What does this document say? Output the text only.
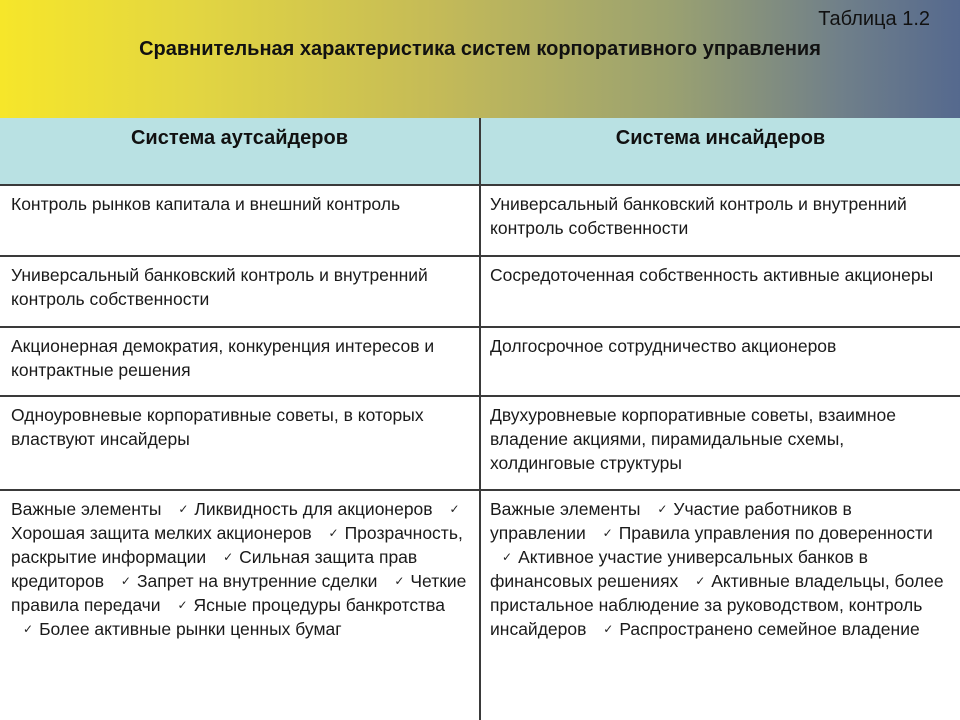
Таблица 1.2
Сравнительная характеристика систем корпоративного управления
Система аутсайдеров	Система инсайдеров
Контроль рынков капитала и внешний контроль	Универсальный банковский контроль и внутренний контроль собственности
Универсальный банковский контроль и внутренний контроль собственности
Сосредоточенная собственность активные акционеры
Акционерная демократия, конкуренция интересов и контрактные решения
Долгосрочное сотрудничество акционеров
Одноуровневые корпоративные советы, в которых властвуют инсайдеры
Двухуровневые корпоративные советы, взаимное владение акциями, пирамидальные схемы, холдинговые структуры
Важные элементы ✓ Ликвидность для акционеров ✓Хорошая защита мелких акционеров ✓ Прозрачность, раскрытие информации ✓ Сильная защита прав кредиторов ✓ Запрет на внутренние сделки ✓ Четкие правила передачи ✓ Ясные процедуры банкротства ✓ Более активные рынки ценных бумаг
Важные элементы ✓ Участие работников в управлении ✓ Правила управления по доверенности ✓ Активное участие универсальных банков в финансовых решениях ✓ Активные владельцы, более пристальное наблюдение за руководством, контроль инсайдеров ✓ Распространено семейное владение
